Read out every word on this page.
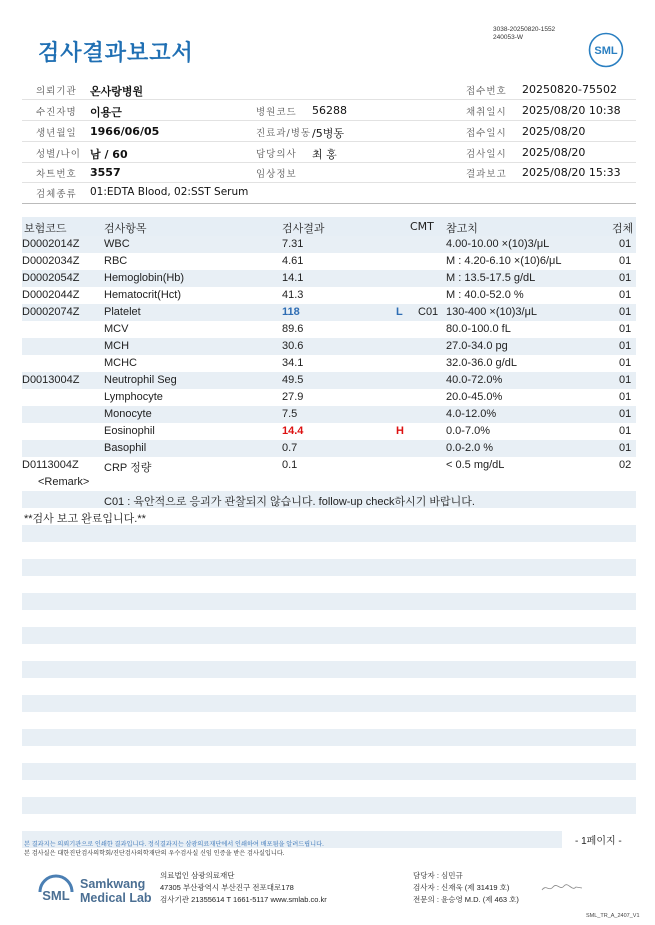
검사결과보고서
3038-20250820-1552
240053-W
SML
의뢰기관 온사랑병원	접수번호 20250820-75502
수진자명 이용근	병원코드 56288	채취일시 2025/08/20 10:38
생년월일 1966/06/05	진료과/병동 /5병동	접수일시 2025/08/20
성별/나이 남 / 60	담당의사 최 홍	검사일시 2025/08/20
차트번호 3557	임상정보	결과보고 2025/08/20 15:33
검체종류 01:EDTA Blood, 02:SST Serum
보험코드	검사항목	검사결과	CMT 참고치	검체
D0002014Z WBC	7.31	4.00-10.00 ×(10)3/μL	01
D0002034Z RBC	4.61	M : 4.20-6.10 ×(10)6/μL	01
D0002054Z Hemoglobin(Hb)	14.1	M : 13.5-17.5 g/dL	01
D0002044Z Hematocrit(Hct)	41.3	M : 40.0-52.0 %	01
D0002074Z Platelet	118	L C01 130-400 ×(10)3/μL	01
MCV	89.6	80.0-100.0 fL	01
MCH	30.6	27.0-34.0 pg	01
MCHC	34.1	32.0-36.0 g/dL	01
D0013004Z Neutrophil Seg	49.5	40.0-72.0%	01
Lymphocyte	27.9	20.0-45.0%	01
Monocyte	7.5	4.0-12.0%	01
Eosinophil	14.4	H	0.0-7.0%	01
Basophil	0.7	0.0-2.0 %	01
D0113004Z CRP 정량	0.1	< 0.5 mg/dL	02
<Remark>
C01 : 육안적으로 응괴가 관찰되지 않습니다. follow-up check하시기 바랍니다.
**검사 보고 완료입니다.**
본 결과지는 의뢰기관으로 인쇄한 결과입니다. 정식결과지는 삼광의료재단에서 인쇄하여 배포됨을 알려드립니다.
본 검사실은 대한진단검사의학회/진단검사의학재단의 우수검사실 신임 인증을 받은 검사실입니다.
- 1페이지 -
SML
Samkwang
Medical Lab
의료법인 삼광의료재단
47305 부산광역시 부산진구 전포대로178
검사기관 21355614 T 1661-5117 www.smlab.co.kr
담당자 : 심민규
검사자 : 신재욱 (제 31419 호)
전문의 : 윤승영 M.D. (제 463 호)
SML_TR_A_2407_V1
